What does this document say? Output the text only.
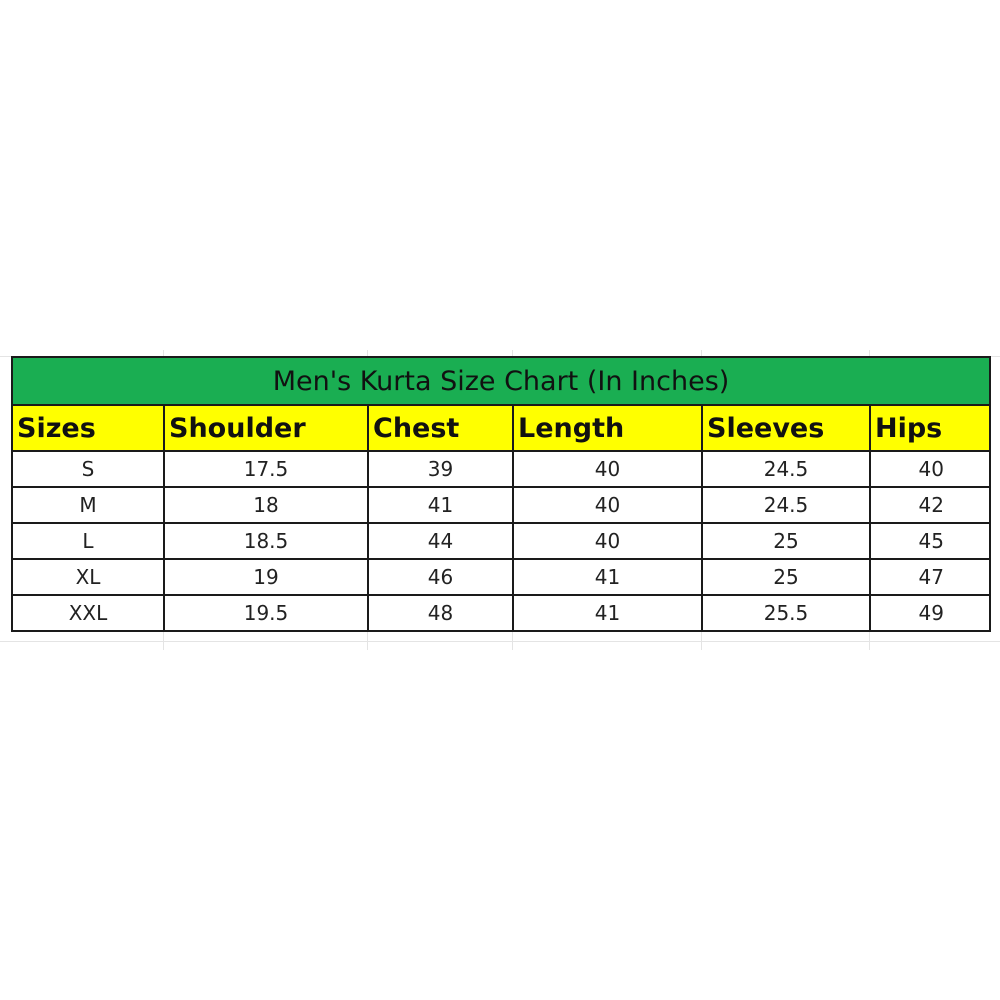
Men's Kurta Size Chart (In Inches)					
Sizes	Shoulder	Chest	Length	Sleeves	Hips
S	17.5	39	40	24.5	40
M	18	41	40	24.5	42
L	18.5	44	40	25	45
XL	19	46	41	25	47
XXL	19.5	48	41	25.5	49
